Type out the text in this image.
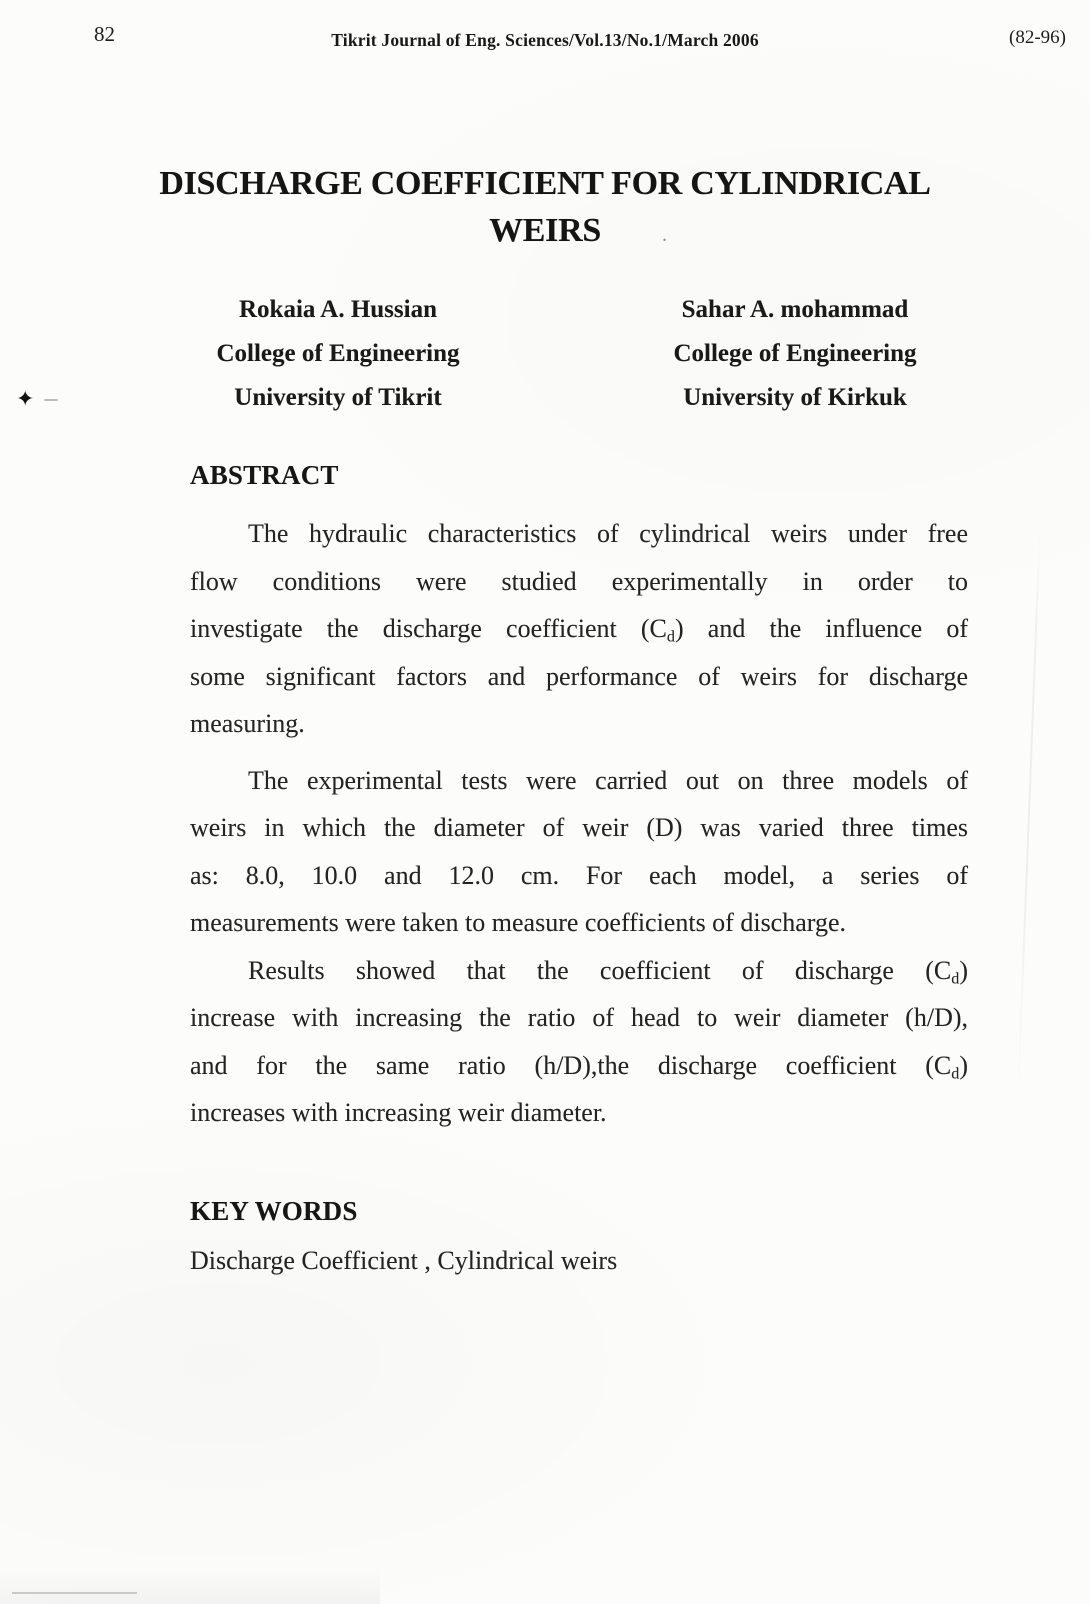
82	Tikrit Journal of Eng. Sciences/Vol.13/No.1/March 2006	(82-96)
DISCHARGE COEFFICIENT FOR CYLINDRICAL
WEIRS	.
Rokaia A. Hussian
College of Engineering
University of Tikrit
Sahar A. mohammad
College of Engineering
University of Kirkuk
✦
ABSTRACT

The hydraulic characteristics of cylindrical weirs under free
flow conditions were studied experimentally in order to
investigate the discharge coefficient $(C_d)$ and the influence of
some significant factors and performance of weirs for discharge
measuring.

The experimental tests were carried out on three models of
weirs in which the diameter of weir (D) was varied three times
as: 8.0, 10.0 and 12.0 cm. For each model, a series of
measurements were taken to measure coefficients of discharge.

Results showed that the coefficient of discharge $(C_d)$
increase with increasing the ratio of head to weir diameter (h/D),
and for the same ratio (h/D),the discharge coefficient $(C_d)$
increases with increasing weir diameter.

KEY WORDS
Discharge Coefficient , Cylindrical weirs
